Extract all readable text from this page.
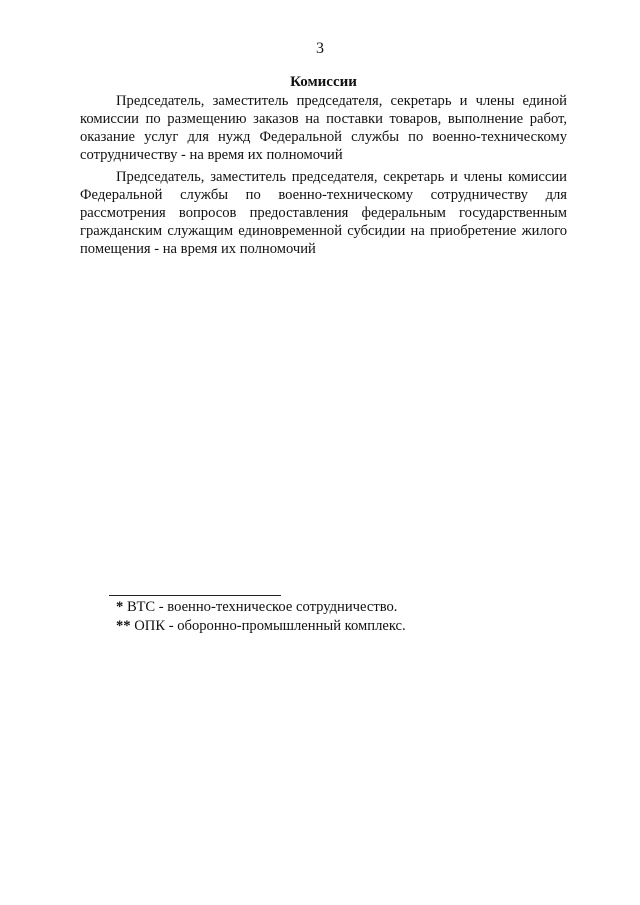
3
Комиссии

Председатель, заместитель председателя, секретарь и члены единой комиссии по размещению заказов на поставки товаров, выполнение работ, оказание услуг для нужд Федеральной службы по военно-техническому сотрудничеству - на время их полномочий

Председатель, заместитель председателя, секретарь и члены комиссии Федеральной службы по военно-техническому сотрудничеству для рассмотрения вопросов предоставления федеральным государственным гражданским служащим единовременной субсидии на приобретение жилого помещения - на время их полномочий

* ВТС - военно-техническое сотрудничество.

** ОПК - оборонно-промышленный комплекс.
